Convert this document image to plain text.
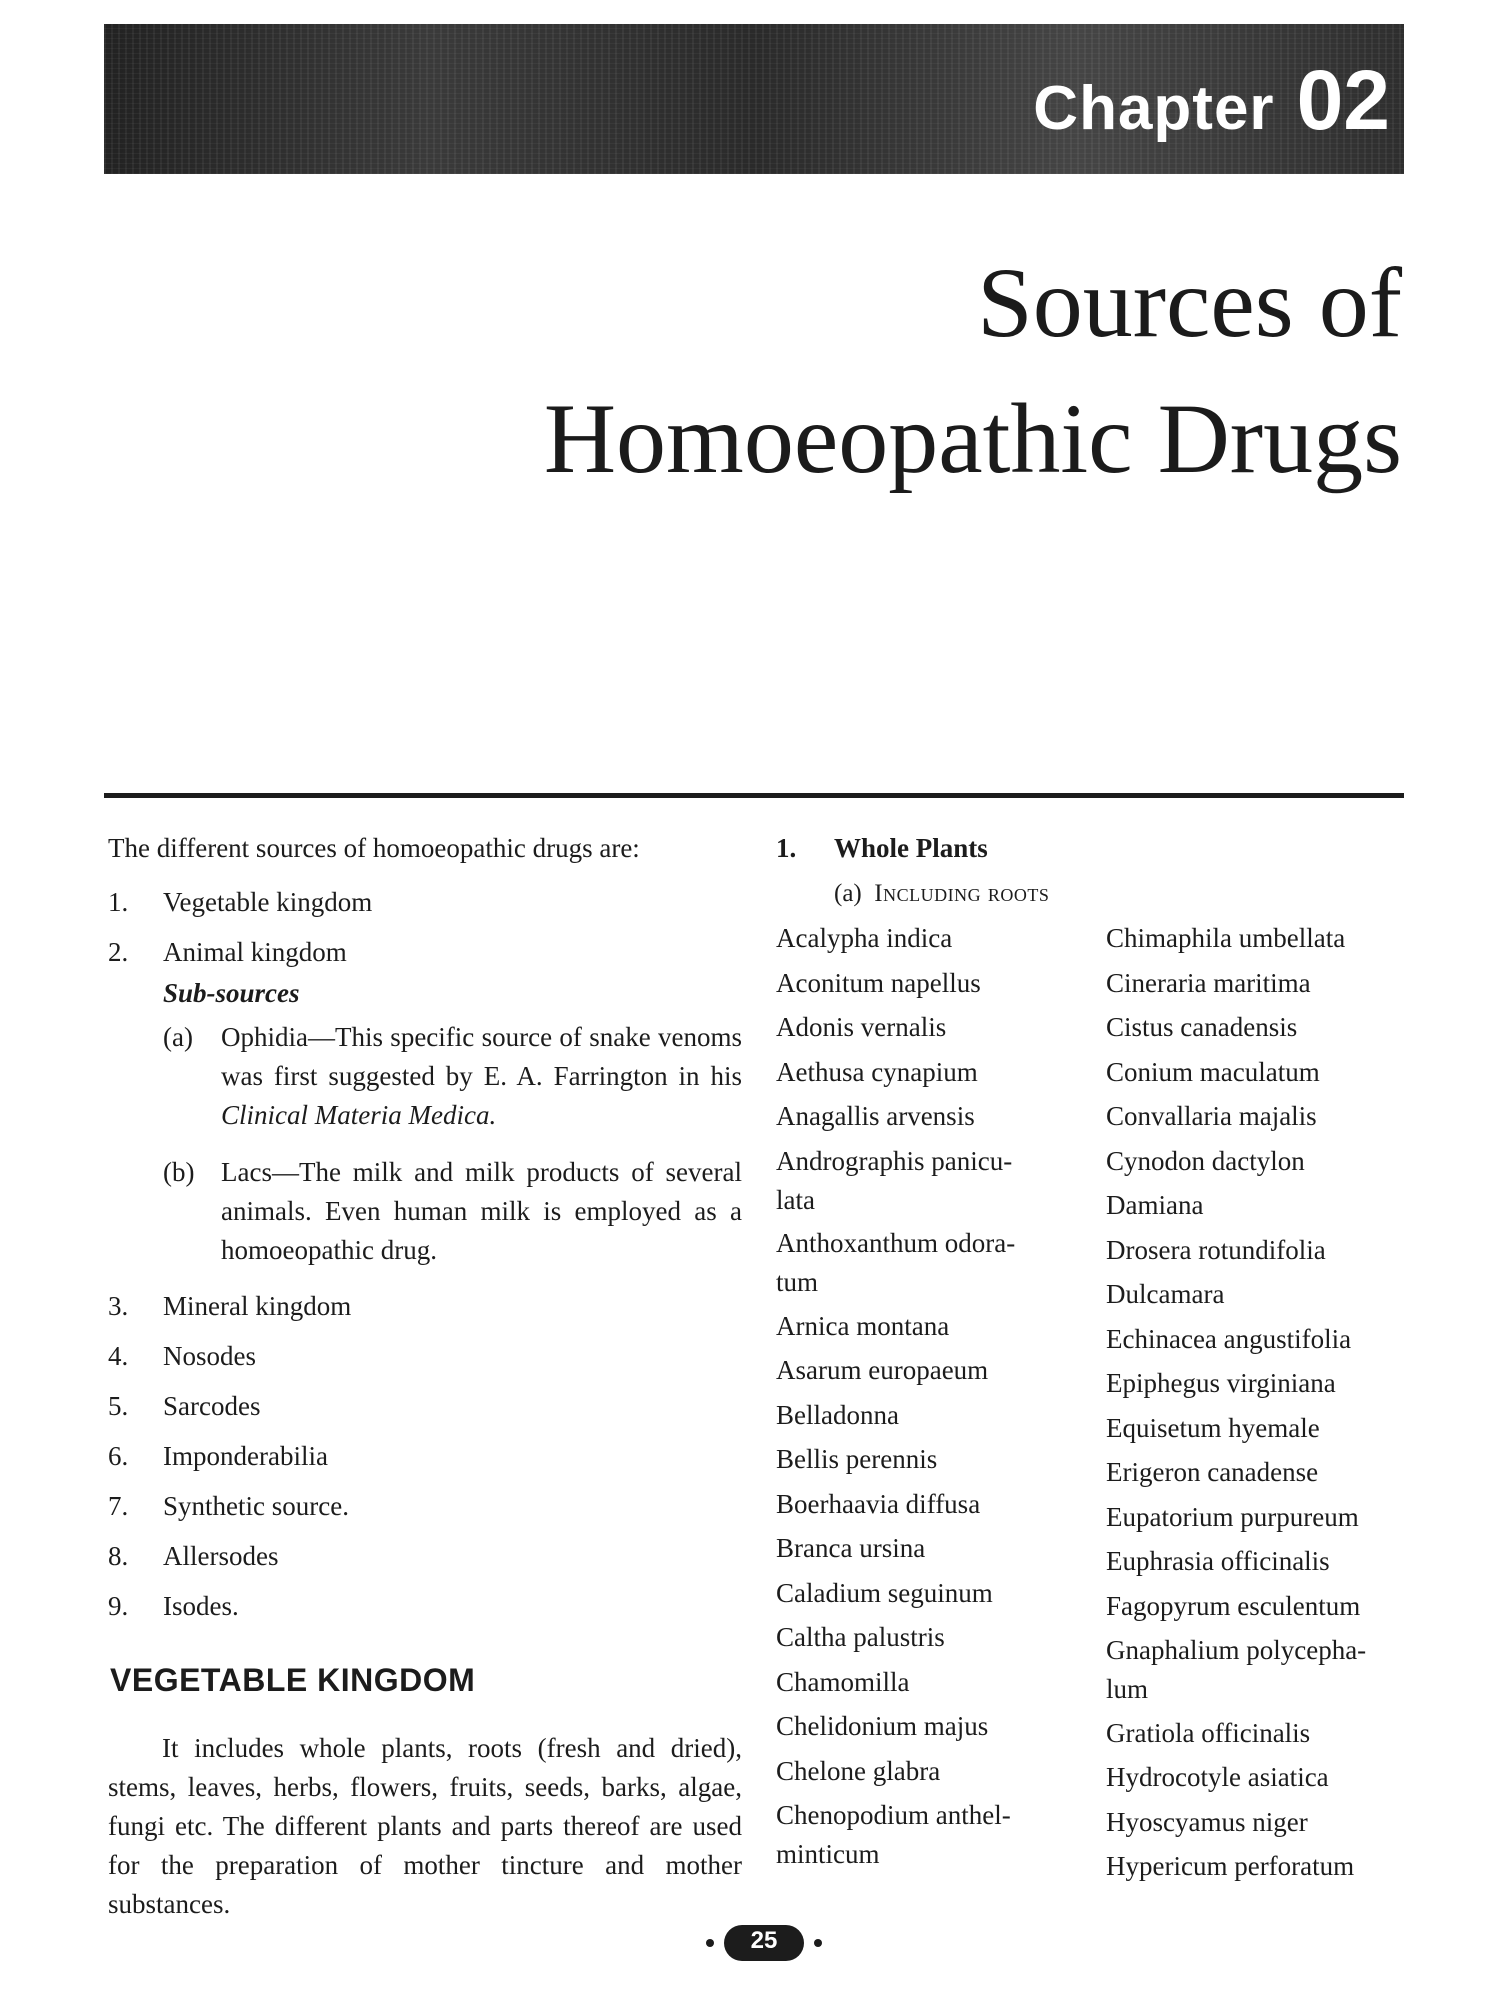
Chapter 02
Sources of
Homoeopathic Drugs

The different sources of homoeopathic drugs are:

1.	Vegetable kingdom
2.	Animal kingdom
Sub-sources
(a)	Ophidia—This specific source of snake venoms was first suggested by E. A. Farrington in his Clinical Materia Medica.
(b) Lacs—The milk and milk products of several animals. Even human milk is employed as a homoeopathic drug.
3.	Mineral kingdom
4.	Nosodes
5.	Sarcodes
6.	Imponderabilia
7.	Synthetic source.
8.	Allersodes
9.	Isodes.
VEGETABLE KINGDOM

It includes whole plants, roots (fresh and dried), stems, leaves, herbs, flowers, fruits, seeds, barks, algae, fungi etc. The different plants and parts thereof are used for the preparation of mother tincture and mother substances.

1.	Whole Plants
(a) Including roots
Acalypha indica
Aconitum napellus
Adonis vernalis
Aethusa cynapium
Anagallis arvensis
Andrographis panicu-
lata
Anthoxanthum odora-
tum
Arnica montana
Asarum europaeum
Belladonna
Bellis perennis
Boerhaavia diffusa
Branca ursina
Caladium seguinum
Caltha palustris
Chamomilla
Chelidonium majus
Chelone glabra
Chenopodium anthel-
minticum
Chimaphila umbellata
Cineraria maritima
Cistus canadensis
Conium maculatum
Convallaria majalis
Cynodon dactylon
Damiana
Drosera rotundifolia
Dulcamara
Echinacea angustifolia
Epiphegus virginiana
Equisetum hyemale
Erigeron canadense
Eupatorium purpureum
Euphrasia officinalis
Fagopyrum esculentum
Gnaphalium polycepha-
lum
Gratiola officinalis
Hydrocotyle asiatica
Hyoscyamus niger
Hypericum perforatum
25
